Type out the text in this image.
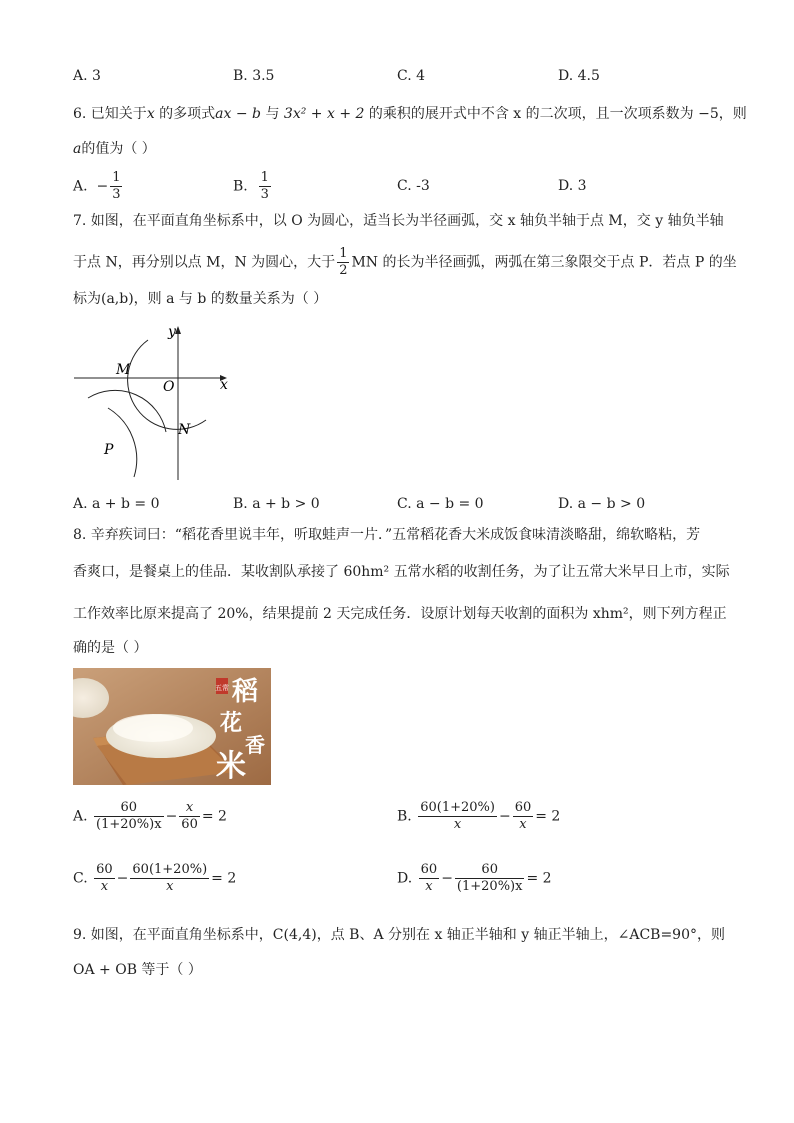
A. 3	B. 3.5	C. 4	D. 4.5
6. 已知关于x 的多项式ax − b 与 3x² + x + 2 的乘积的展开式中不含 x 的二次项，且一次项系数为 −5，则
a的值为（ ）
A. − $\frac{1}{3}$	B. $\frac{1}{3}$	C. -3	D. 3
7. 如图，在平面直角坐标系中，以 O 为圆心，适当长为半径画弧，交 x 轴负半轴于点 M，交 y 轴负半轴
于点 N，再分别以点 M，N 为圆心，大于 $\frac{1}{2}$ MN 的长为半径画弧，两弧在第三象限交于点 P．若点 P 的坐
标为(a,b)，则 a 与 b 的数量关系为（ ）
y
x
M
O
N
P
A. a + b = 0	B. a + b > 0	C. a − b = 0	D. a − b > 0
8. 辛弃疾词曰：“稻花香里说丰年，听取蛙声一片．”五常稻花香大米成饭食味清淡略甜，绵软略粘，芳
香爽口，是餐桌上的佳品．某收割队承接了 60hm² 五常水稻的收割任务，为了让五常大米早日上市，实际
工作效率比原来提高了 20%，结果提前 2 天完成任务．设原计划每天收割的面积为 xhm²，则下列方程正
确的是（ ）
五常 稻
花
香
米
A. $\frac{60}{(1+20\%)x} - \frac{x}{60} = 2$	B. $\frac{60(1+20\%)}{x} - \frac{60}{x} = 2$
C. $\frac{60}{x} - \frac{60(1+20\%)}{x} = 2$	D. $\frac{60}{x} - \frac{60}{(1+20\%)x} = 2$
9. 如图，在平面直角坐标系中，C(4,4)，点 B、A 分别在 x 轴正半轴和 y 轴正半轴上，∠ACB=90°，则
OA + OB 等于（ ）
